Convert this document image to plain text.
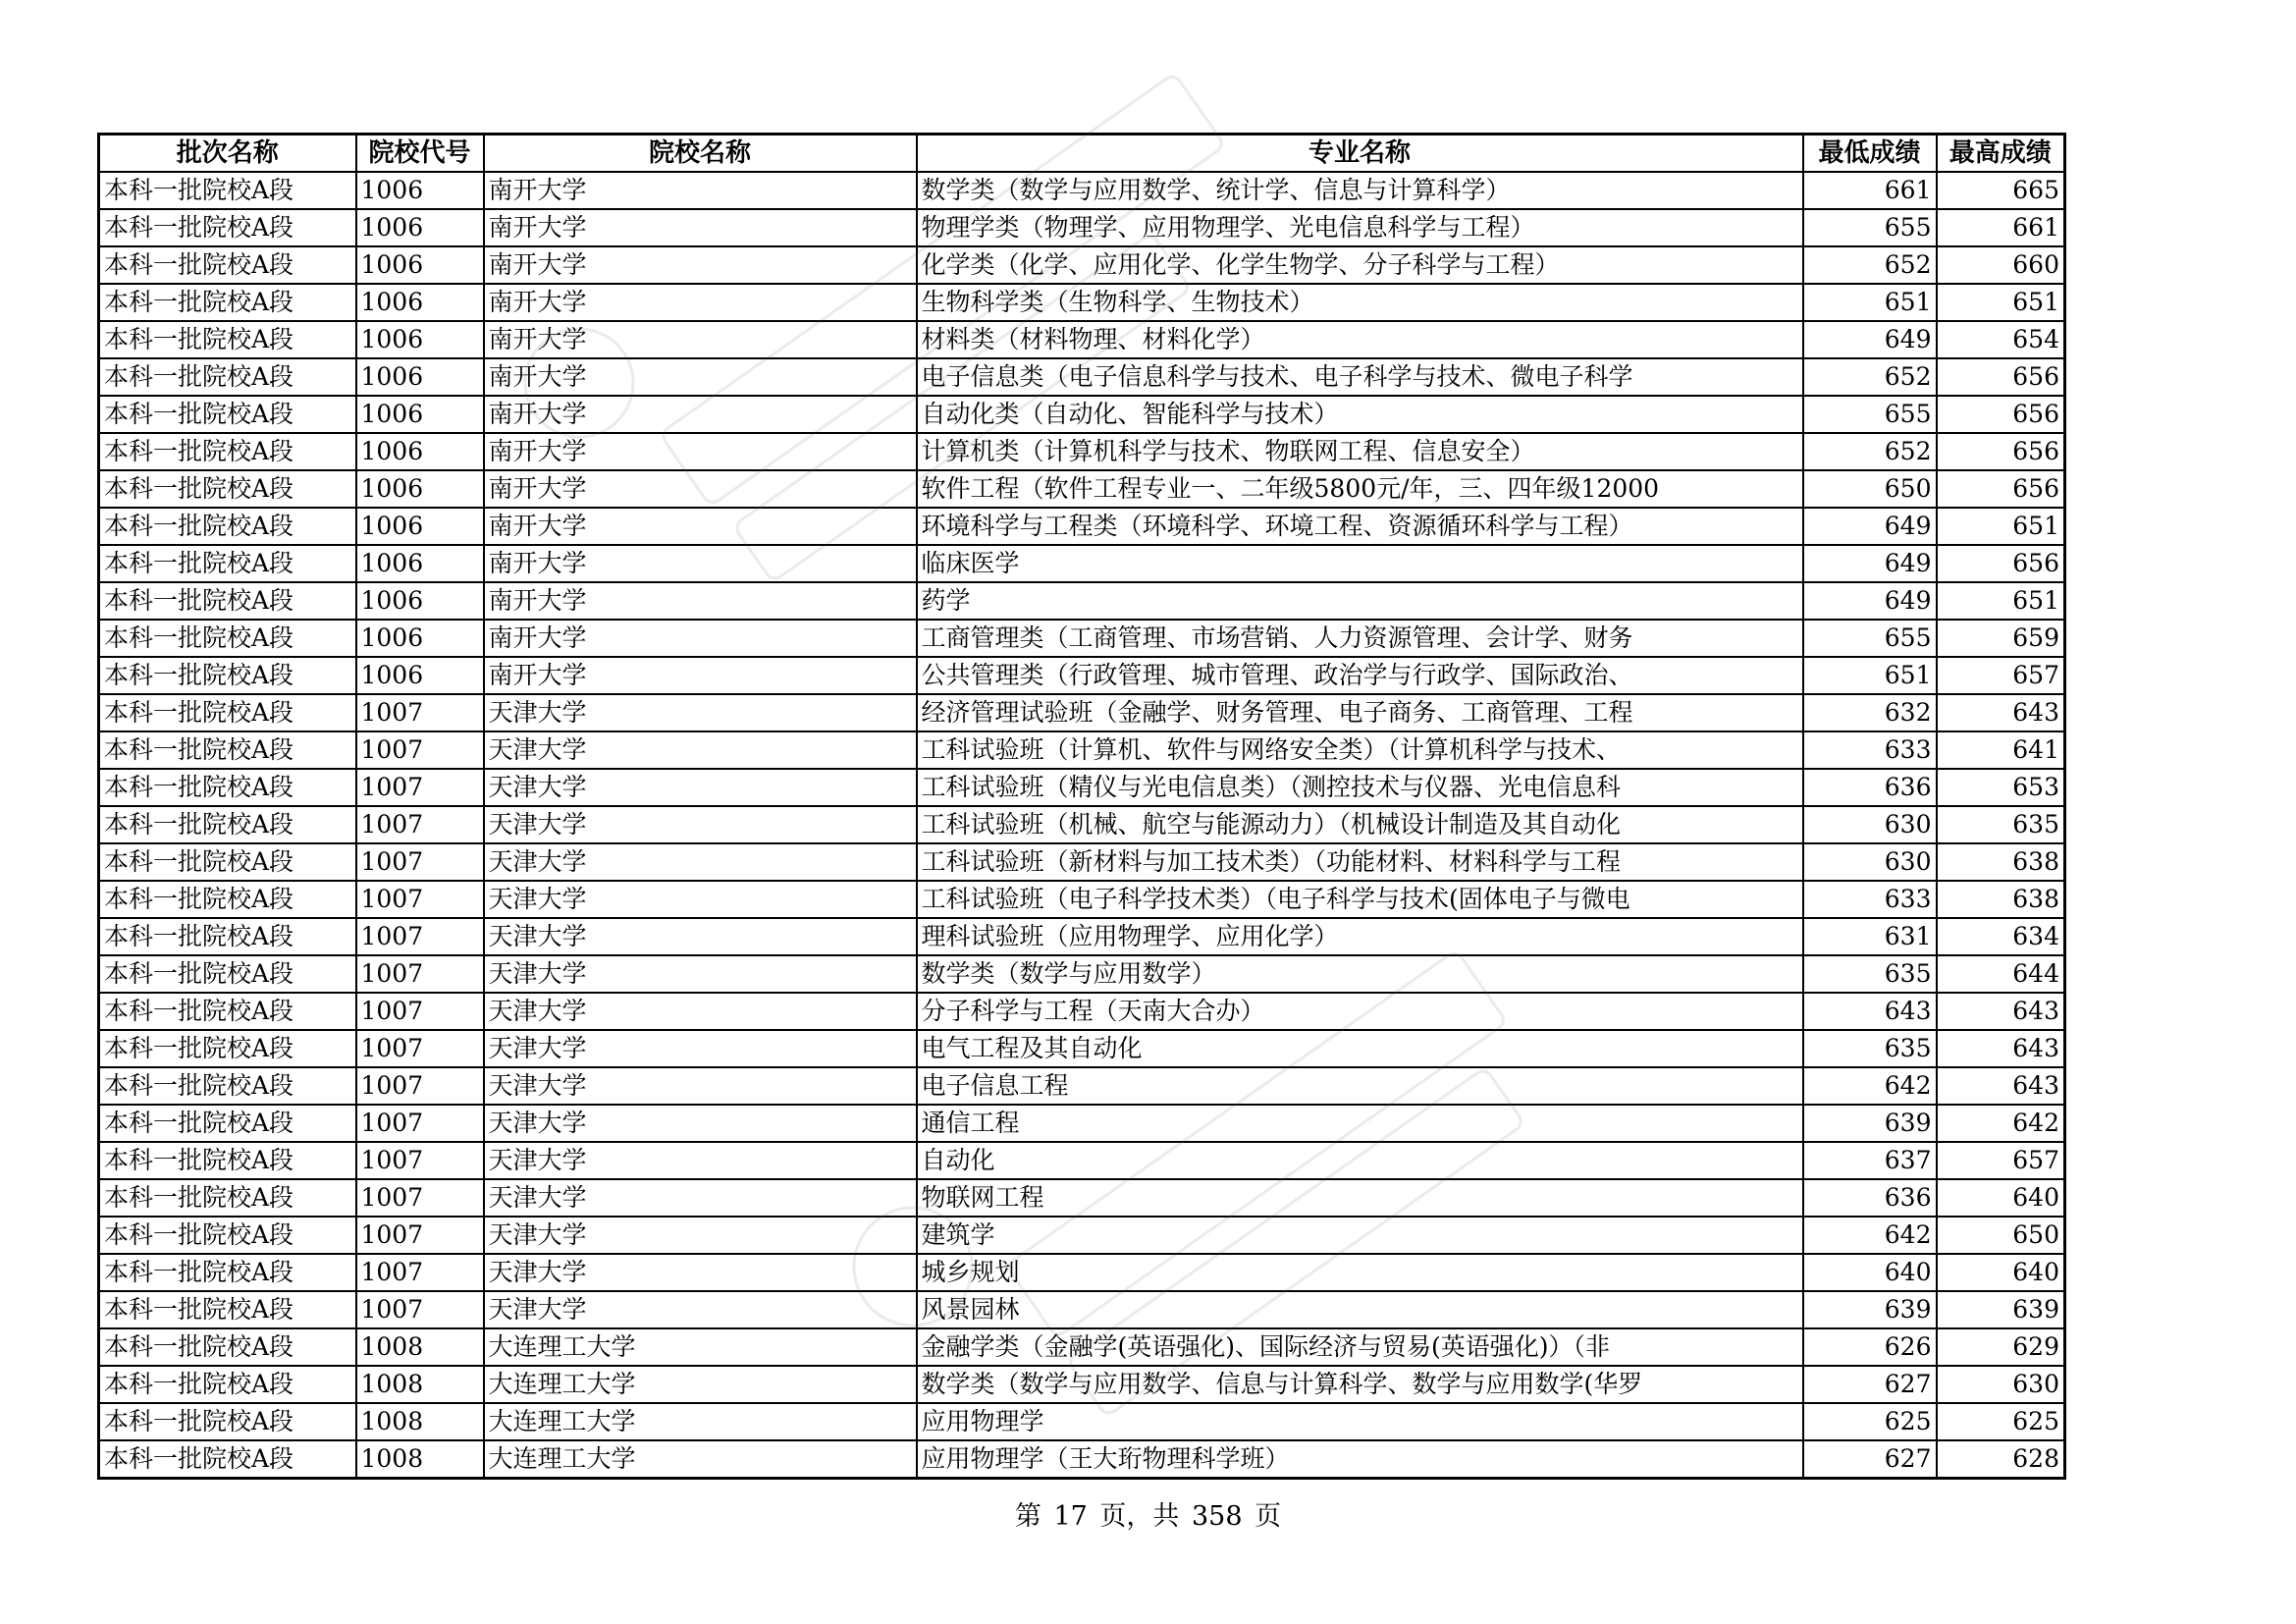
批次名称	院校代号	院校名称	专业名称	最低成绩	最高成绩
本科一批院校A段	1006	南开大学	数学类（数学与应用数学、统计学、信息与计算科学）	661	665
本科一批院校A段	1006	南开大学	物理学类（物理学、应用物理学、光电信息科学与工程）	655	661
本科一批院校A段	1006	南开大学	化学类（化学、应用化学、化学生物学、分子科学与工程）	652	660
本科一批院校A段	1006	南开大学	生物科学类（生物科学、生物技术）	651	651
本科一批院校A段	1006	南开大学	材料类（材料物理、材料化学）	649	654
本科一批院校A段	1006	南开大学	电子信息类（电子信息科学与技术、电子科学与技术、微电子科学	652	656
本科一批院校A段	1006	南开大学	自动化类（自动化、智能科学与技术）	655	656
本科一批院校A段	1006	南开大学	计算机类（计算机科学与技术、物联网工程、信息安全）	652	656
本科一批院校A段	1006	南开大学	软件工程（软件工程专业一、二年级5800元/年，三、四年级12000	650	656
本科一批院校A段	1006	南开大学	环境科学与工程类（环境科学、环境工程、资源循环科学与工程）	649	651
本科一批院校A段	1006	南开大学	临床医学	649	656
本科一批院校A段	1006	南开大学	药学	649	651
本科一批院校A段	1006	南开大学	工商管理类（工商管理、市场营销、人力资源管理、会计学、财务	655	659
本科一批院校A段	1006	南开大学	公共管理类（行政管理、城市管理、政治学与行政学、国际政治、	651	657
本科一批院校A段	1007	天津大学	经济管理试验班（金融学、财务管理、电子商务、工商管理、工程	632	643
本科一批院校A段	1007	天津大学	工科试验班（计算机、软件与网络安全类）（计算机科学与技术、	633	641
本科一批院校A段	1007	天津大学	工科试验班（精仪与光电信息类）（测控技术与仪器、光电信息科	636	653
本科一批院校A段	1007	天津大学	工科试验班（机械、航空与能源动力）（机械设计制造及其自动化	630	635
本科一批院校A段	1007	天津大学	工科试验班（新材料与加工技术类）（功能材料、材料科学与工程	630	638
本科一批院校A段	1007	天津大学	工科试验班（电子科学技术类）（电子科学与技术(固体电子与微电	633	638
本科一批院校A段	1007	天津大学	理科试验班（应用物理学、应用化学）	631	634
本科一批院校A段	1007	天津大学	数学类（数学与应用数学）	635	644
本科一批院校A段	1007	天津大学	分子科学与工程（天南大合办）	643	643
本科一批院校A段	1007	天津大学	电气工程及其自动化	635	643
本科一批院校A段	1007	天津大学	电子信息工程	642	643
本科一批院校A段	1007	天津大学	通信工程	639	642
本科一批院校A段	1007	天津大学	自动化	637	657
本科一批院校A段	1007	天津大学	物联网工程	636	640
本科一批院校A段	1007	天津大学	建筑学	642	650
本科一批院校A段	1007	天津大学	城乡规划	640	640
本科一批院校A段	1007	天津大学	风景园林	639	639
本科一批院校A段	1008	大连理工大学	金融学类（金融学(英语强化)、国际经济与贸易(英语强化)）（非	626	629
本科一批院校A段	1008	大连理工大学	数学类（数学与应用数学、信息与计算科学、数学与应用数学(华罗	627	630
本科一批院校A段	1008	大连理工大学	应用物理学	625	625
本科一批院校A段	1008	大连理工大学	应用物理学（王大珩物理科学班）	627	628
第 17 页，共 358 页
